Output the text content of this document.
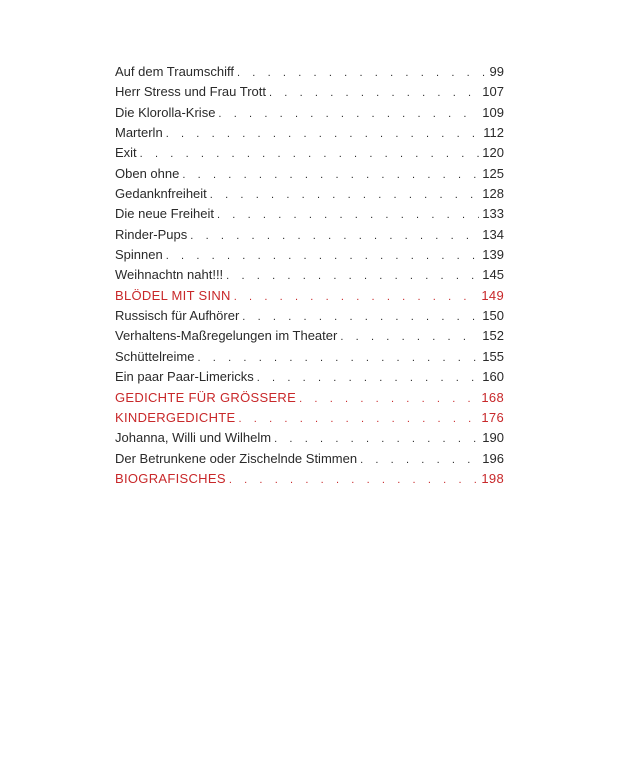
Auf dem Traumschiff . . .	99
Herr Stress und Frau Trott . . .	107
Die Klorolla-Krise . . .	109
Marterln . . .	112
Exit . . .	120
Oben ohne . . .	125
Gedanknfreiheit . . .	128
Die neue Freiheit . . .	133
Rinder-Pups . . .	134
Spinnen . . .	139
Weihnachtn naht!!! . . .	145
BLÖDEL MIT SINN . . .	149
Russisch für Aufhörer . . .	150
Verhaltens-Maßregelungen im Theater . . .	152
Schüttelreime . . .	155
Ein paar Paar-Limericks . . .	160
GEDICHTE FÜR GRÖSSERE . . .	168
KINDERGEDICHTE . . .	176
Johanna, Willi und Wilhelm . . .	190
Der Betrunkene oder Zischelnde Stimmen . . .	196
BIOGRAFISCHES . . .	198
